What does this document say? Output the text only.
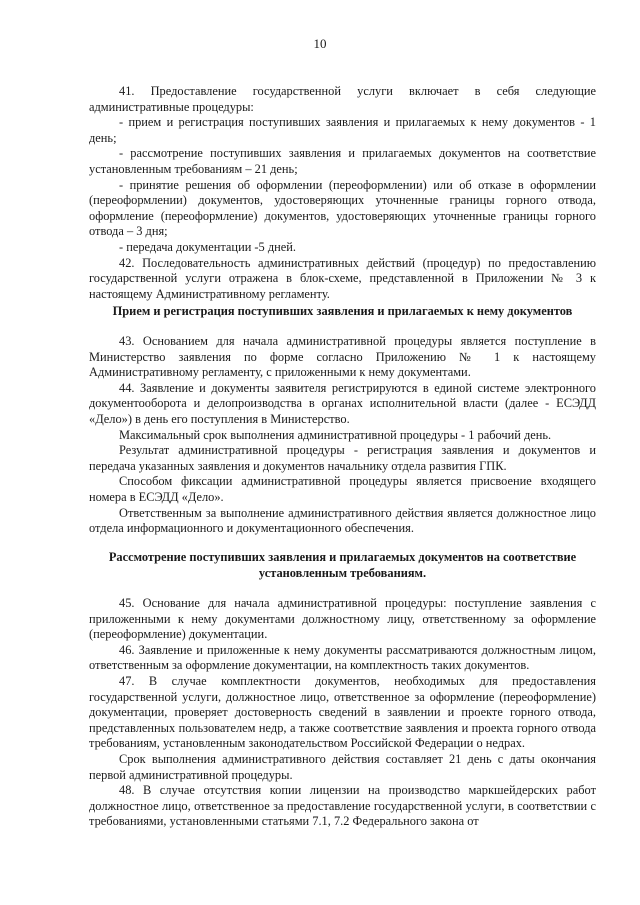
10

41. Предоставление государственной услуги включает в себя следующие административные процедуры:

- прием и регистрация поступивших заявления и прилагаемых к нему документов - 1 день;

- рассмотрение поступивших заявления и прилагаемых документов на соответствие установленным требованиям – 21 день;

- принятие решения об оформлении (переоформлении) или об отказе в оформлении (переоформлении) документов, удостоверяющих уточненные границы горного отвода, оформление (переоформление) документов, удостоверяющих уточненные границы горного отвода – 3 дня;

- передача документации -5 дней.

42. Последовательность административных действий (процедур) по предоставлению государственной услуги отражена в блок-схеме, представленной в Приложении № 3 к настоящему Административному регламенту.

Прием и регистрация поступивших заявления и прилагаемых к нему документов

43. Основанием для начала административной процедуры является поступление в Министерство заявления по форме согласно Приложению № 1 к настоящему Административному регламенту, с приложенными к нему документами.

44. Заявление и документы заявителя регистрируются в единой системе электронного документооборота и делопроизводства в органах исполнительной власти (далее - ЕСЭДД «Дело») в день его поступления в Министерство.

Максимальный срок выполнения административной процедуры - 1 рабочий день.

Результат административной процедуры - регистрация заявления и документов и передача указанных заявления и документов начальнику отдела развития ГПК.

Способом фиксации административной процедуры является присвоение входящего номера в ЕСЭДД «Дело».

Ответственным за выполнение административного действия является должностное лицо отдела информационного и документационного обеспечения.

Рассмотрение поступивших заявления и прилагаемых документов на соответствие
установленным требованиям.

45. Основание для начала административной процедуры: поступление заявления с приложенными к нему документами должностному лицу, ответственному за оформление (переоформление) документации.

46. Заявление и приложенные к нему документы рассматриваются должностным лицом, ответственным за оформление документации, на комплектность таких документов.

47. В случае комплектности документов, необходимых для предоставления государственной услуги, должностное лицо, ответственное за оформление (переоформление) документации, проверяет достоверность сведений в заявлении и проекте горного отвода, представленных пользователем недр, а также соответствие заявления и проекта горного отвода требованиям, установленным законодательством Российской Федерации о недрах.

Срок выполнения административного действия составляет 21 день с даты окончания первой административной процедуры.

48. В случае отсутствия копии лицензии на производство маркшейдерских работ должностное лицо, ответственное за предоставление государственной услуги, в соответствии с требованиями, установленными статьями 7.1, 7.2 Федерального закона от
